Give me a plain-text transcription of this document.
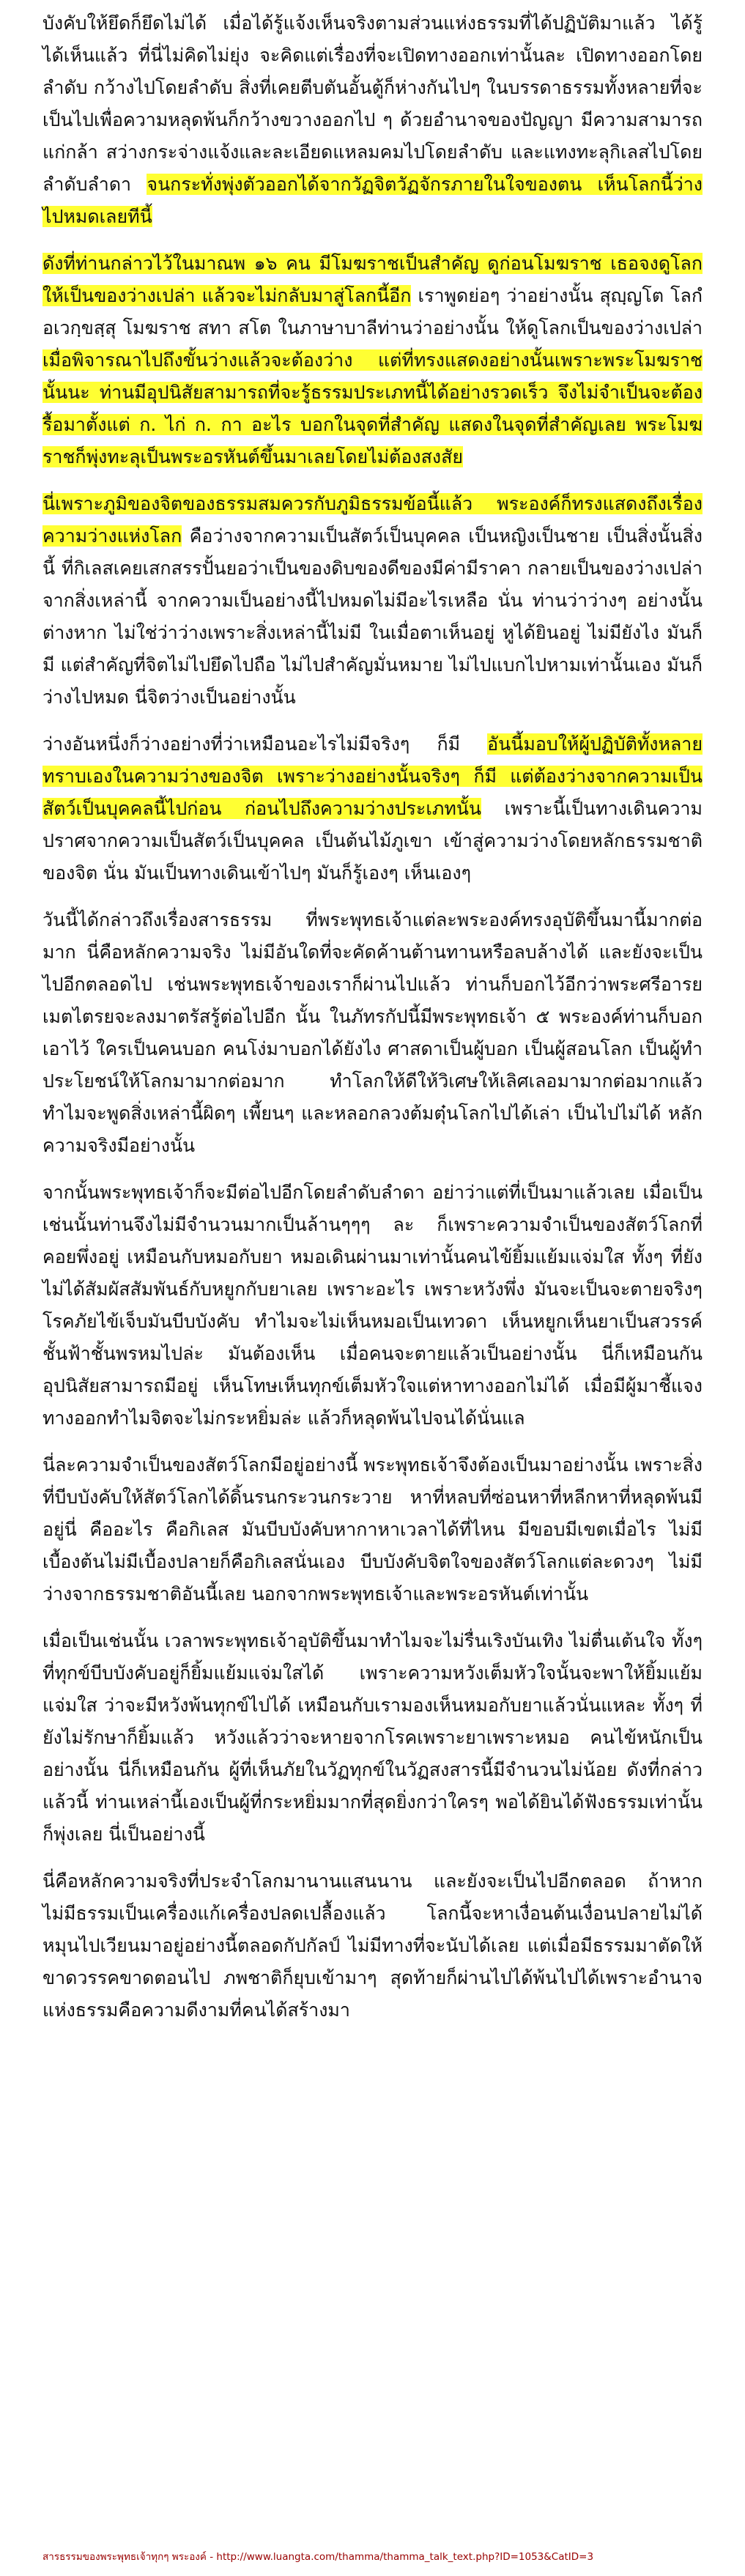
บังคับให้ยึดก็ยึดไม่ได้ เมื่อได้รู้แจ้งเห็นจริงตามส่วนแห่งธรรมที่ได้ปฏิบัติมาแล้ว ได้รู้ได้เห็นแล้ว ที่นี่ไม่คิดไม่ยุ่ง จะคิดแต่เรื่องที่จะเปิดทางออกเท่านั้นละ เปิดทางออกโดยลำดับ กว้างไปโดยลำดับ สิ่งที่เคยตีบตันอั้นตู้ก็ห่างกันไปๆ ในบรรดาธรรมทั้งหลายที่จะเป็นไปเพื่อความหลุดพ้นก็กว้างขวางออกไป ๆ ด้วยอำนาจของปัญญา มีความสามารถแก่กล้า สว่างกระจ่างแจ้งและละเอียดแหลมคมไปโดยลำดับ และแทงทะลุกิเลสไปโดยลำดับลำดา จนกระทั่งพุ่งตัวออกได้จากวัฏจิตวัฏจักรภายในใจของตน เห็นโลกนี้ว่างไปหมดเลยทีนี้

ดังที่ท่านกล่าวไว้ในมาณพ ๑๖ คน มีโมฆราชเป็นสำคัญ ดูก่อนโมฆราช เธอจงดูโลกให้เป็นของว่างเปล่า แล้วจะไม่กลับมาสู่โลกนี้อีก เราพูดย่อๆ ว่าอย่างนั้น สุญฺญโต โลกํ อเวกฺขสฺสุ โมฆราช สทา สโต ในภาษาบาลีท่านว่าอย่างนั้น ให้ดูโลกเป็นของว่างเปล่า เมื่อพิจารณาไปถึงขั้นว่างแล้วจะต้องว่าง แต่ที่ทรงแสดงอย่างนั้นเพราะพระโมฆราชนั้นนะ ท่านมีอุปนิสัยสามารถที่จะรู้ธรรมประเภทนี้ได้อย่างรวดเร็ว จึงไม่จำเป็นจะต้องรื้อมาตั้งแต่ ก. ไก่ ก. กา อะไร บอกในจุดที่สำคัญ แสดงในจุดที่สำคัญเลย พระโมฆราชก็พุ่งทะลุเป็นพระอรหันต์ขึ้นมาเลยโดยไม่ต้องสงสัย

นี่เพราะภูมิของจิตของธรรมสมควรกับภูมิธรรมข้อนี้แล้ว พระองค์ก็ทรงแสดงถึงเรื่องความว่างแห่งโลก คือว่างจากความเป็นสัตว์เป็นบุคคล เป็นหญิงเป็นชาย เป็นสิ่งนั้นสิ่งนี้ ที่กิเลสเคยเสกสรรปั้นยอว่าเป็นของดิบของดีของมีค่ามีราคา กลายเป็นของว่างเปล่าจากสิ่งเหล่านี้ จากความเป็นอย่างนี้ไปหมดไม่มีอะไรเหลือ นั่น ท่านว่าว่างๆ อย่างนั้นต่างหาก ไม่ใช่ว่าว่างเพราะสิ่งเหล่านี้ไม่มี ในเมื่อตาเห็นอยู่ หูได้ยินอยู่ ไม่มียังไง มันก็มี แต่สำคัญที่จิตไม่ไปยึดไปถือ ไม่ไปสำคัญมั่นหมาย ไม่ไปแบกไปหามเท่านั้นเอง มันก็ว่างไปหมด นี่จิตว่างเป็นอย่างนั้น

ว่างอันหนึ่งก็ว่างอย่างที่ว่าเหมือนอะไรไม่มีจริงๆ ก็มี อันนี้มอบให้ผู้ปฏิบัติทั้งหลายทราบเองในความว่างของจิต เพราะว่างอย่างนั้นจริงๆ ก็มี แต่ต้องว่างจากความเป็นสัตว์เป็นบุคคลนี้ไปก่อน ก่อนไปถึงความว่างประเภทนั้น เพราะนี้เป็นทางเดินความปราศจากความเป็นสัตว์เป็นบุคคล เป็นต้นไม้ภูเขา เข้าสู่ความว่างโดยหลักธรรมชาติของจิต นั่น มันเป็นทางเดินเข้าไปๆ มันก็รู้เองๆ เห็นเองๆ

วันนี้ได้กล่าวถึงเรื่องสารธรรม ที่พระพุทธเจ้าแต่ละพระองค์ทรงอุบัติขึ้นมานี้มากต่อมาก นี่คือหลักความจริง ไม่มีอันใดที่จะคัดค้านต้านทานหรือลบล้างได้ และยังจะเป็นไปอีกตลอดไป เช่นพระพุทธเจ้าของเราก็ผ่านไปแล้ว ท่านก็บอกไว้อีกว่าพระศรีอารยเมตไตรยจะลงมาตรัสรู้ต่อไปอีก นั้น ในภัทรกัปนี้มีพระพุทธเจ้า ๕ พระองค์ท่านก็บอกเอาไว้ ใครเป็นคนบอก คนโง่มาบอกได้ยังไง ศาสดาเป็นผู้บอก เป็นผู้สอนโลก เป็นผู้ทำประโยชน์ให้โลกมามากต่อมาก ทำโลกให้ดีให้วิเศษให้เลิศเลอมามากต่อมากแล้ว ทำไมจะพูดสิ่งเหล่านี้ผิดๆ เพี้ยนๆ และหลอกลวงต้มตุ๋นโลกไปได้เล่า เป็นไปไม่ได้ หลักความจริงมีอย่างนั้น

จากนั้นพระพุทธเจ้าก็จะมีต่อไปอีกโดยลำดับลำดา อย่าว่าแต่ที่เป็นมาแล้วเลย เมื่อเป็นเช่นนั้นท่านจึงไม่มีจำนวนมากเป็นล้านๆๆๆ ละ ก็เพราะความจำเป็นของสัตว์โลกที่คอยพึ่งอยู่ เหมือนกับหมอกับยา หมอเดินผ่านมาเท่านั้นคนไข้ยิ้มแย้มแจ่มใส ทั้งๆ ที่ยังไม่ได้สัมผัสสัมพันธ์กับหยูกกับยาเลย เพราะอะไร เพราะหวังพึ่ง มันจะเป็นจะตายจริงๆ โรคภัยไข้เจ็บมันบีบบังคับ ทำไมจะไม่เห็นหมอเป็นเทวดา เห็นหยูกเห็นยาเป็นสวรรค์ชั้นฟ้าชั้นพรหมไปล่ะ มันต้องเห็น เมื่อคนจะตายแล้วเป็นอย่างนั้น นี่ก็เหมือนกันอุปนิสัยสามารถมีอยู่ เห็นโทษเห็นทุกข์เต็มหัวใจแต่หาทางออกไม่ได้ เมื่อมีผู้มาชี้แจงทางออกทำไมจิตจะไม่กระหยิ่มล่ะ แล้วก็หลุดพ้นไปจนได้นั่นแล

นี่ละความจำเป็นของสัตว์โลกมีอยู่อย่างนี้ พระพุทธเจ้าจึงต้องเป็นมาอย่างนั้น เพราะสิ่งที่บีบบังคับให้สัตว์โลกได้ดิ้นรนกระวนกระวาย หาที่หลบที่ซ่อนหาที่หลีกหาที่หลุดพ้นมีอยู่นี่ คืออะไร คือกิเลส มันบีบบังคับหากาหาเวลาได้ที่ไหน มีขอบมีเขตเมื่อไร ไม่มีเบื้องต้นไม่มีเบื้องปลายก็คือกิเลสนั่นเอง บีบบังคับจิตใจของสัตว์โลกแต่ละดวงๆ ไม่มีว่างจากธรรมชาติอันนี้เลย นอกจากพระพุทธเจ้าและพระอรหันต์เท่านั้น

เมื่อเป็นเช่นนั้น เวลาพระพุทธเจ้าอุบัติขึ้นมาทำไมจะไม่รื่นเริงบันเทิง ไม่ตื่นเต้นใจ ทั้งๆ ที่ทุกข์บีบบังคับอยู่ก็ยิ้มแย้มแจ่มใสได้ เพราะความหวังเต็มหัวใจนั้นจะพาให้ยิ้มแย้มแจ่มใส ว่าจะมีหวังพ้นทุกข์ไปได้ เหมือนกับเรามองเห็นหมอกับยาแล้วนั่นแหละ ทั้งๆ ที่ยังไม่รักษาก็ยิ้มแล้ว หวังแล้วว่าจะหายจากโรคเพราะยาเพราะหมอ คนไข้หนักเป็นอย่างนั้น นี่ก็เหมือนกัน ผู้ที่เห็นภัยในวัฏทุกข์ในวัฏสงสารนี้มีจำนวนไม่น้อย ดังที่กล่าวแล้วนี้ ท่านเหล่านี้เองเป็นผู้ที่กระหยิ่มมากที่สุดยิ่งกว่าใครๆ พอได้ยินได้ฟังธรรมเท่านั้นก็พุ่งเลย นี่เป็นอย่างนี้

นี่คือหลักความจริงที่ประจำโลกมานานแสนนาน และยังจะเป็นไปอีกตลอด ถ้าหากไม่มีธรรมเป็นเครื่องแก้เครื่องปลดเปลื้องแล้ว โลกนี้จะหาเงื่อนต้นเงื่อนปลายไม่ได้ หมุนไปเวียนมาอยู่อย่างนี้ตลอดกัปกัลป์ ไม่มีทางที่จะนับได้เลย แต่เมื่อมีธรรมมาตัดให้ขาดวรรคขาดตอนไป ภพชาติก็ยุบเข้ามาๆ สุดท้ายก็ผ่านไปได้พ้นไปได้เพราะอำนาจแห่งธรรมคือความดีงามที่คนได้สร้างมา

สารธรรมของพระพุทธเจ้าทุกๆ พระองค์ - http://www.luangta.com/thamma/thamma_talk_text.php?ID=1053&CatID=3
